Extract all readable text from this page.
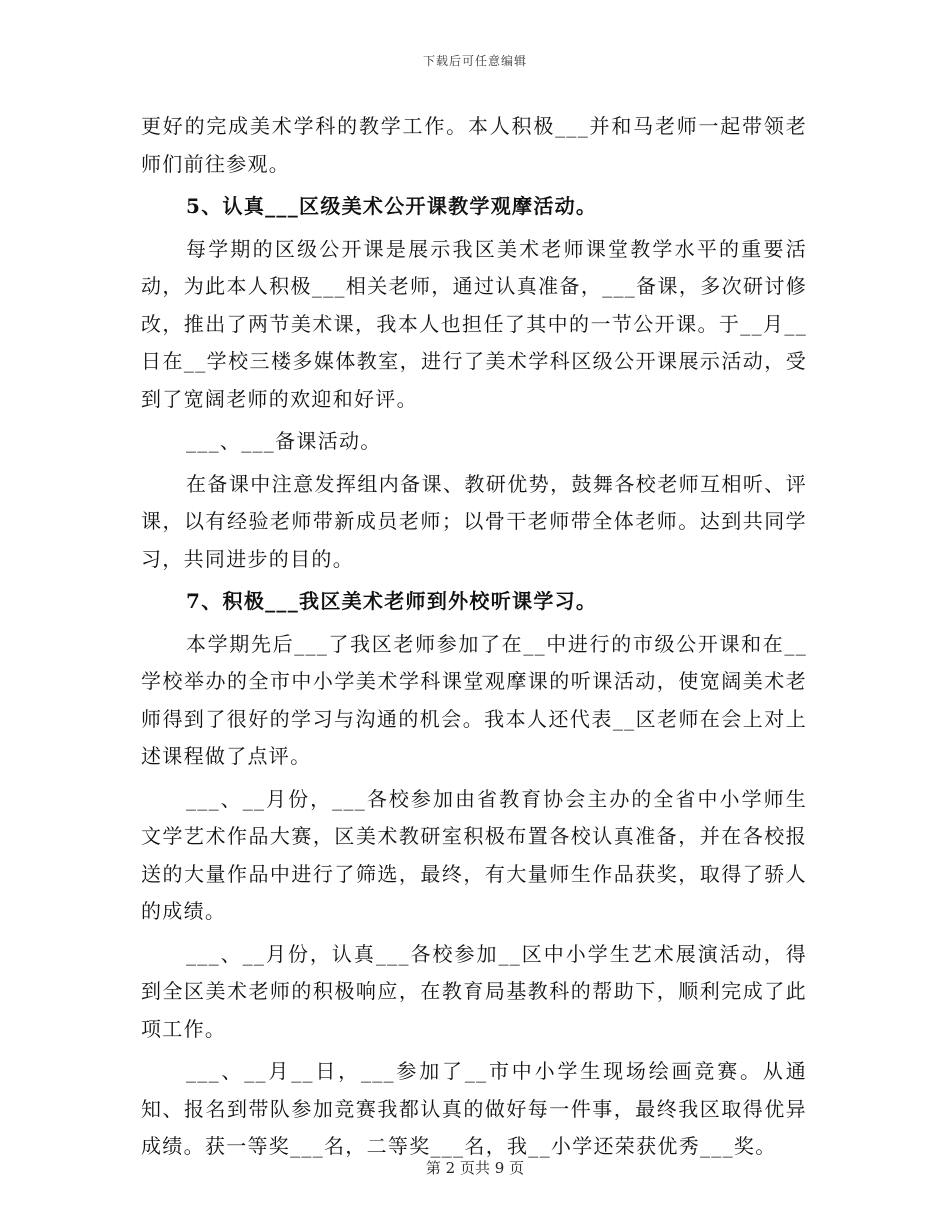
下载后可任意编辑

更好的完成美术学科的教学工作。本人积极___并和马老师一起带领老师们前往参观。

5、认真___区级美术公开课教学观摩活动。

每学期的区级公开课是展示我区美术老师课堂教学水平的重要活动，为此本人积极___相关老师，通过认真准备，___备课，多次研讨修改，推出了两节美术课，我本人也担任了其中的一节公开课。于__月__日在__学校三楼多媒体教室，进行了美术学科区级公开课展示活动，受到了宽阔老师的欢迎和好评。

___、___备课活动。

在备课中注意发挥组内备课、教研优势，鼓舞各校老师互相听、评课，以有经验老师带新成员老师；以骨干老师带全体老师。达到共同学习，共同进步的目的。

7、积极___我区美术老师到外校听课学习。

本学期先后___了我区老师参加了在__中进行的市级公开课和在__学校举办的全市中小学美术学科课堂观摩课的听课活动，使宽阔美术老师得到了很好的学习与沟通的机会。我本人还代表__区老师在会上对上述课程做了点评。

___、__月份，___各校参加由省教育协会主办的全省中小学师生文学艺术作品大赛，区美术教研室积极布置各校认真准备，并在各校报送的大量作品中进行了筛选，最终，有大量师生作品获奖，取得了骄人的成绩。

___、__月份，认真___各校参加__区中小学生艺术展演活动，得到全区美术老师的积极响应，在教育局基教科的帮助下，顺利完成了此项工作。

___、__月__日，___参加了__市中小学生现场绘画竞赛。从通知、报名到带队参加竞赛我都认真的做好每一件事，最终我区取得优异成绩。获一等奖___名，二等奖___名，我__小学还荣获优秀___奖。

第 2 页共 9 页
